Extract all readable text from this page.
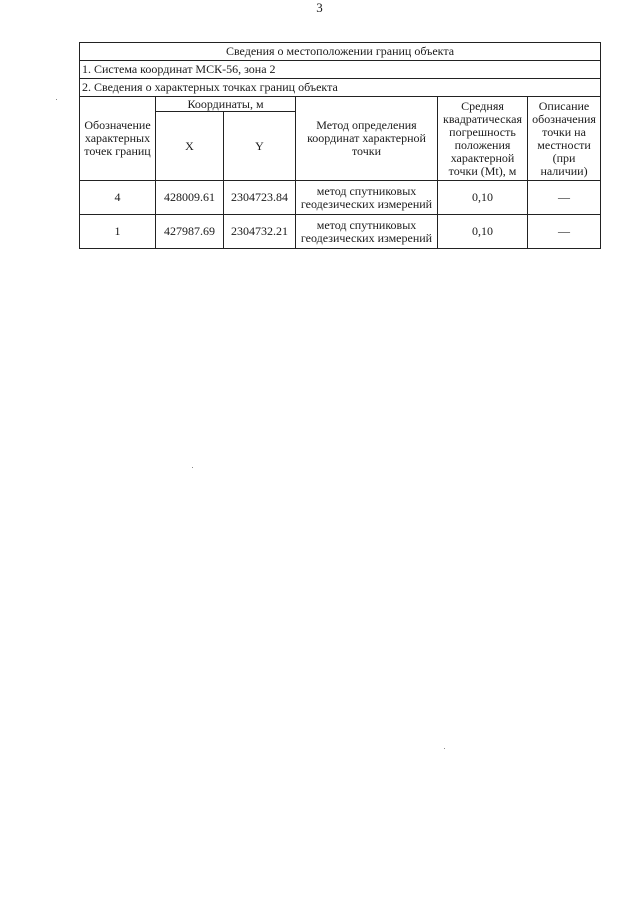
3
Сведения о местоположении границ объекта					
1. Система координат МСК-56, зона 2					
2. Сведения о характерных точках границ объекта					
Обозначение характерных точек границ	Координаты, м		Метод определения координат характерной точки	Средняя квадратическая погрешность положения характерной точки (Mt), м	Описание обозначения точки на местности (при наличии)
	X	Y			
4	428009.61	2304723.84	метод спутниковых геодезических измерений	0,10	—
1	427987.69	2304732.21	метод спутниковых геодезических измерений	0,10	—
